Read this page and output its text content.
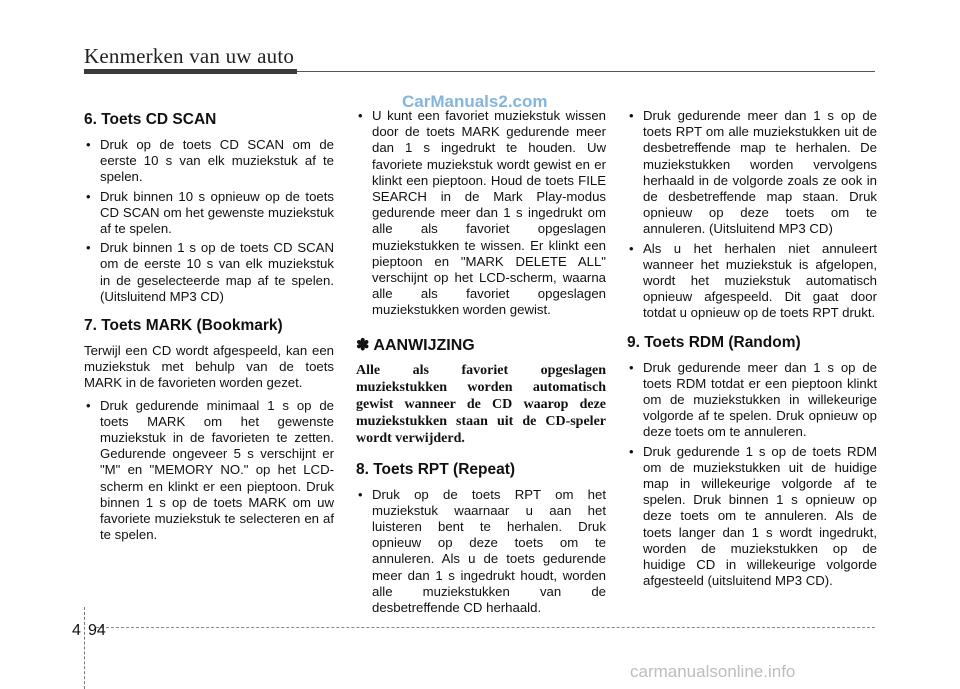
Kenmerken van uw auto
CarManuals2.com
6. Toets CD SCAN
• Druk op de toets CD SCAN om de eerste 10 s van elk muziekstuk af te spelen.
• Druk binnen 10 s opnieuw op de toets CD SCAN om het gewenste muziekstuk af te spelen.
• Druk binnen 1 s op de toets CD SCAN om de eerste 10 s van elk muziekstuk in de geselecteerde map af te spelen. (Uitsluitend MP3 CD)
7. Toets MARK (Bookmark)

Terwijl een CD wordt afgespeeld, kan een muziekstuk met behulp van de toets MARK in de favorieten worden gezet.

• Druk gedurende minimaal 1 s op de toets MARK om het gewenste muziekstuk in de favorieten te zetten. Gedurende ongeveer 5 s verschijnt er "M" en "MEMORY NO." op het LCD-scherm en klinkt er een pieptoon. Druk binnen 1 s op de toets MARK om uw favoriete muziekstuk te selecteren en af te spelen.
• U kunt een favoriet muziekstuk wissen door de toets MARK gedurende meer dan 1 s ingedrukt te houden. Uw favoriete muziekstuk wordt gewist en er klinkt een pieptoon. Houd de toets FILE SEARCH in de Mark Play-modus gedurende meer dan 1 s ingedrukt om alle als favoriet opgeslagen muziekstukken te wissen. Er klinkt een pieptoon en "MARK DELETE ALL" verschijnt op het LCD-scherm, waarna alle als favoriet opgeslagen muziekstukken worden gewist.
✽ AANWIJZING
Alle als favoriet opgeslagen muziekstukken worden automatisch gewist wanneer de CD waarop deze muziekstukken staan uit de CD-speler wordt verwijderd.
8. Toets RPT (Repeat)
• Druk op de toets RPT om het muziekstuk waarnaar u aan het luisteren bent te herhalen. Druk opnieuw op deze toets om te annuleren. Als u de toets gedurende meer dan 1 s ingedrukt houdt, worden alle muziekstukken van de desbetreffende CD herhaald.
• Druk gedurende meer dan 1 s op de toets RPT om alle muziekstukken uit de desbetreffende map te herhalen. De muziekstukken worden vervolgens herhaald in de volgorde zoals ze ook in de desbetreffende map staan. Druk opnieuw op deze toets om te annuleren. (Uitsluitend MP3 CD)
• Als u het herhalen niet annuleert wanneer het muziekstuk is afgelopen, wordt het muziekstuk automatisch opnieuw afgespeeld. Dit gaat door totdat u opnieuw op de toets RPT drukt.
9. Toets RDM (Random)
• Druk gedurende meer dan 1 s op de toets RDM totdat er een pieptoon klinkt om de muziekstukken in willekeurige volgorde af te spelen. Druk opnieuw op deze toets om te annuleren.
• Druk gedurende 1 s op de toets RDM om de muziekstukken uit de huidige map in willekeurige volgorde af te spelen. Druk binnen 1 s opnieuw op deze toets om te annuleren. Als de toets langer dan 1 s wordt ingedrukt, worden de muziekstukken op de huidige CD in willekeurige volgorde afgesteeld (uitsluitend MP3 CD).
4 94
carmanualsonline.info
